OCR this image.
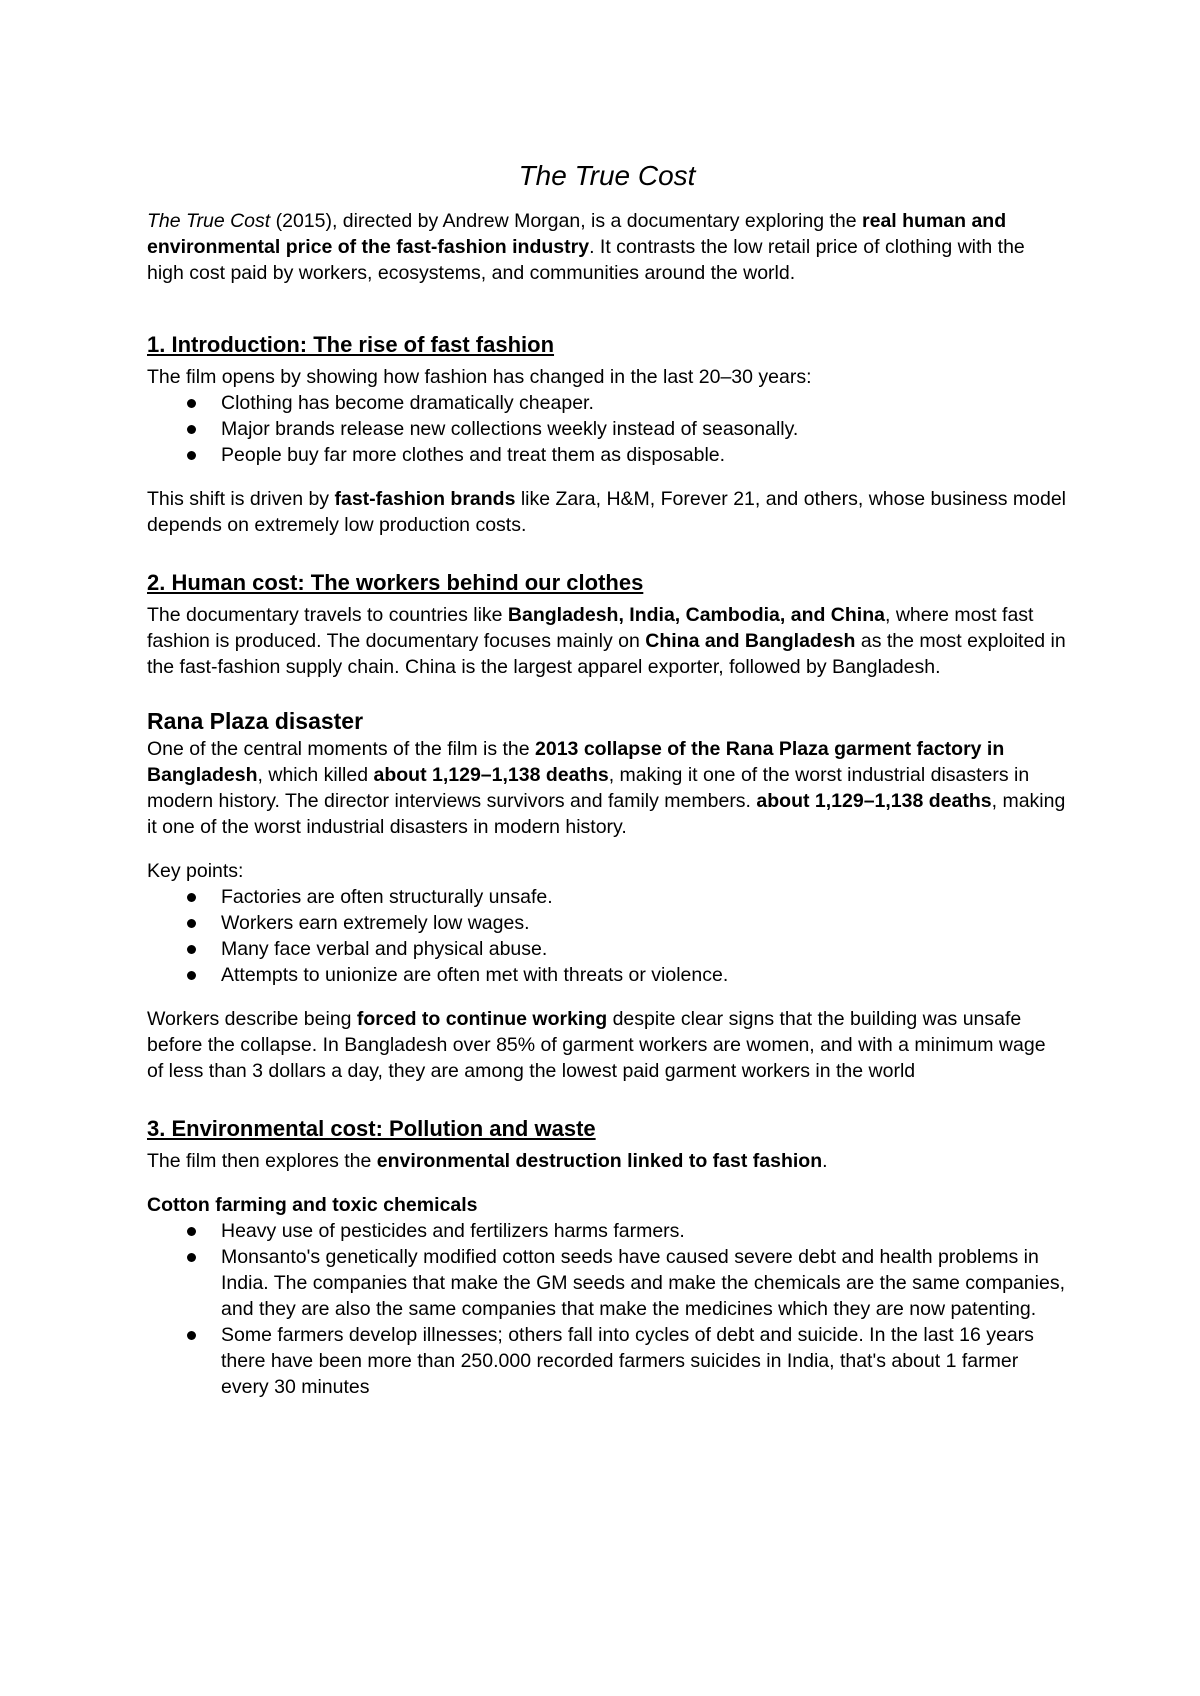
The True Cost

The True Cost (2015), directed by Andrew Morgan, is a documentary exploring the real human and environmental price of the fast-fashion industry. It contrasts the low retail price of clothing with the high cost paid by workers, ecosystems, and communities around the world.

1. Introduction: The rise of fast fashion

The film opens by showing how fashion has changed in the last 20–30 years:

Clothing has become dramatically cheaper.
Major brands release new collections weekly instead of seasonally.
People buy far more clothes and treat them as disposable.

This shift is driven by fast-fashion brands like Zara, H&M, Forever 21, and others, whose business model depends on extremely low production costs.

2. Human cost: The workers behind our clothes

The documentary travels to countries like Bangladesh, India, Cambodia, and China, where most fast fashion is produced. The documentary focuses mainly on China and Bangladesh as the most exploited in the fast-fashion supply chain. China is the largest apparel exporter, followed by Bangladesh.

Rana Plaza disaster

One of the central moments of the film is the 2013 collapse of the Rana Plaza garment factory in Bangladesh, which killed about 1,129–1,138 deaths, making it one of the worst industrial disasters in modern history. The director interviews survivors and family members. about 1,129–1,138 deaths, making it one of the worst industrial disasters in modern history.

Key points:

Factories are often structurally unsafe.
Workers earn extremely low wages.
Many face verbal and physical abuse.
Attempts to unionize are often met with threats or violence.

Workers describe being forced to continue working despite clear signs that the building was unsafe before the collapse. In Bangladesh over 85% of garment workers are women, and with a minimum wage of less than 3 dollars a day, they are among the lowest paid garment workers in the world

3. Environmental cost: Pollution and waste

The film then explores the environmental destruction linked to fast fashion.

Cotton farming and toxic chemicals

Heavy use of pesticides and fertilizers harms farmers.
Monsanto's genetically modified cotton seeds have caused severe debt and health problems in India. The companies that make the GM seeds and make the chemicals are the same companies, and they are also the same companies that make the medicines which they are now patenting.
Some farmers develop illnesses; others fall into cycles of debt and suicide. In the last 16 years there have been more than 250.000 recorded farmers suicides in India, that's about 1 farmer every 30 minutes
